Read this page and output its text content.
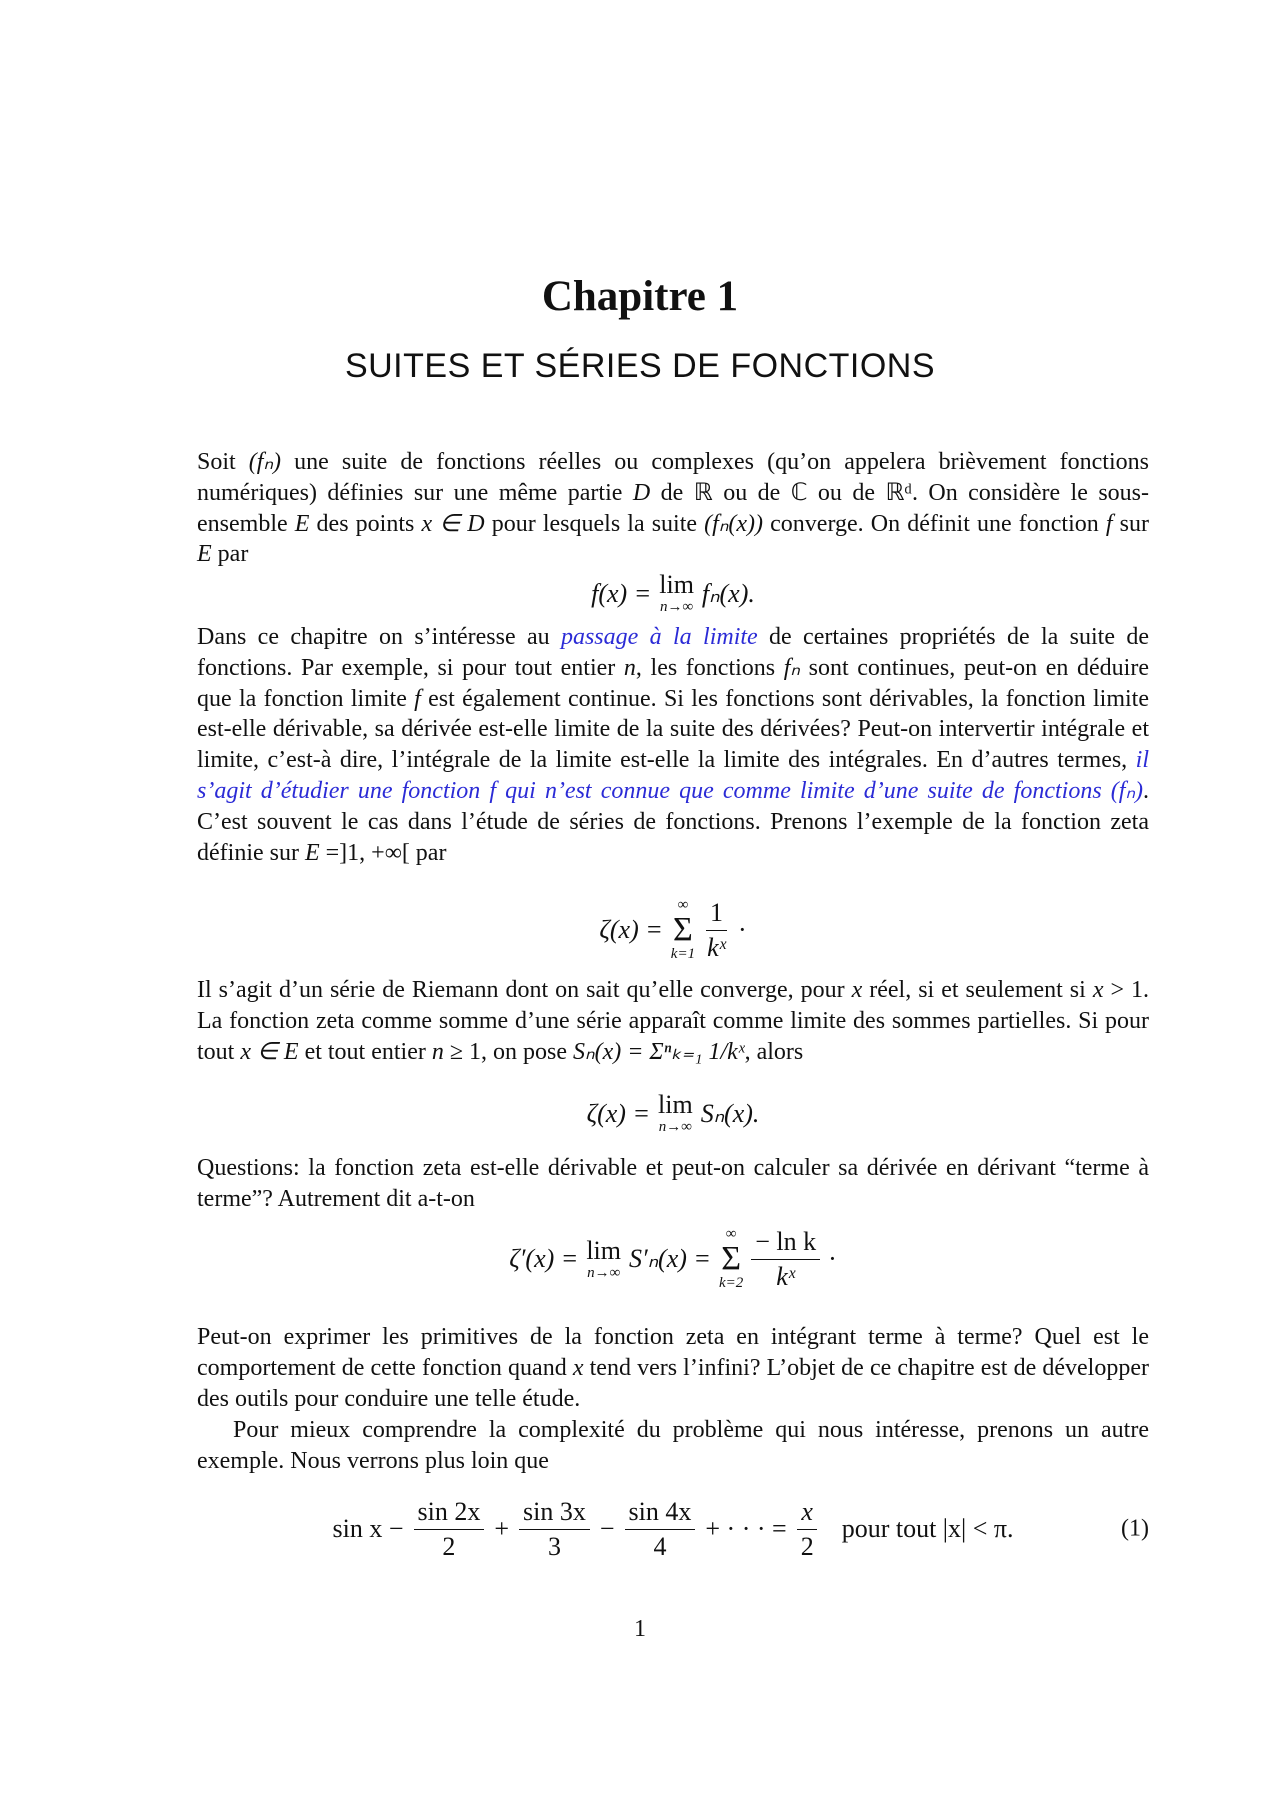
Chapitre 1
SUITES ET SÉRIES DE FONCTIONS
Soit (fₙ) une suite de fonctions réelles ou complexes (qu’on appelera brièvement fonctions numériques) définies sur une même partie D de ℝ ou de ℂ ou de ℝᵈ. On considère le sous-ensemble E des points x ∈ D pour lesquels la suite (fₙ(x)) converge. On définit une fonction f sur E par
f(x) = lim
n→∞ fₙ(x).
Dans ce chapitre on s’intéresse au passage à la limite de certaines propriétés de la suite de fonctions. Par exemple, si pour tout entier n, les fonctions fₙ sont continues, peut-on en déduire que la fonction limite f est également continue. Si les fonctions sont dérivables, la fonction limite est-elle dérivable, sa dérivée est-elle limite de la suite des dérivées? Peut-on intervertir intégrale et limite, c’est-à dire, l’intégrale de la limite est-elle la limite des intégrales. En d’autres termes, il s’agit d’étudier une fonction f qui n’est connue que comme limite d’une suite de fonctions (fₙ). C’est souvent le cas dans l’étude de séries de fonctions. Prenons l’exemple de la fonction zeta définie sur E =]1, +∞[ par
ζ(x) =
∞
Σ
$k=1 \frac{1}{\text{kˣ}}$ ·
Il s’agit d’un série de Riemann dont on sait qu’elle converge, pour x réel, si et seulement si x > 1. La fonction zeta comme somme d’une série apparaît comme limite des sommes partielles. Si pour tout x ∈ E et tout entier n ≥ 1, on pose Sₙ(x) = Σⁿₖ₌₁ 1/kˣ, alors
ζ(x) = lim
n→∞ Sₙ(x).
Questions: la fonction zeta est-elle dérivable et peut-on calculer sa dérivée en dérivant “terme à terme”? Autrement dit a-t-on
ζ′(x) = lim
n→∞ S′ₙ(x) =
∞
Σ
$k=2 \frac{\text{− ln k}}{\text{kˣ}}$ ·
Peut-on exprimer les primitives de la fonction zeta en intégrant terme à terme? Quel est le comportement de cette fonction quand x tend vers l’infini? L’objet de ce chapitre est de développer des outils pour conduire une telle étude.
Pour mieux comprendre la complexité du problème qui nous intéresse, prenons un autre exemple. Nous verrons plus loin que
$\sin x - \frac{\sin 2x}{2} + \frac{\sin 3x}{3} - \frac{\sin 4x}{4}$ + · · · = $\frac{x}{2}$ pour tout |x| < π.	(1)
1
